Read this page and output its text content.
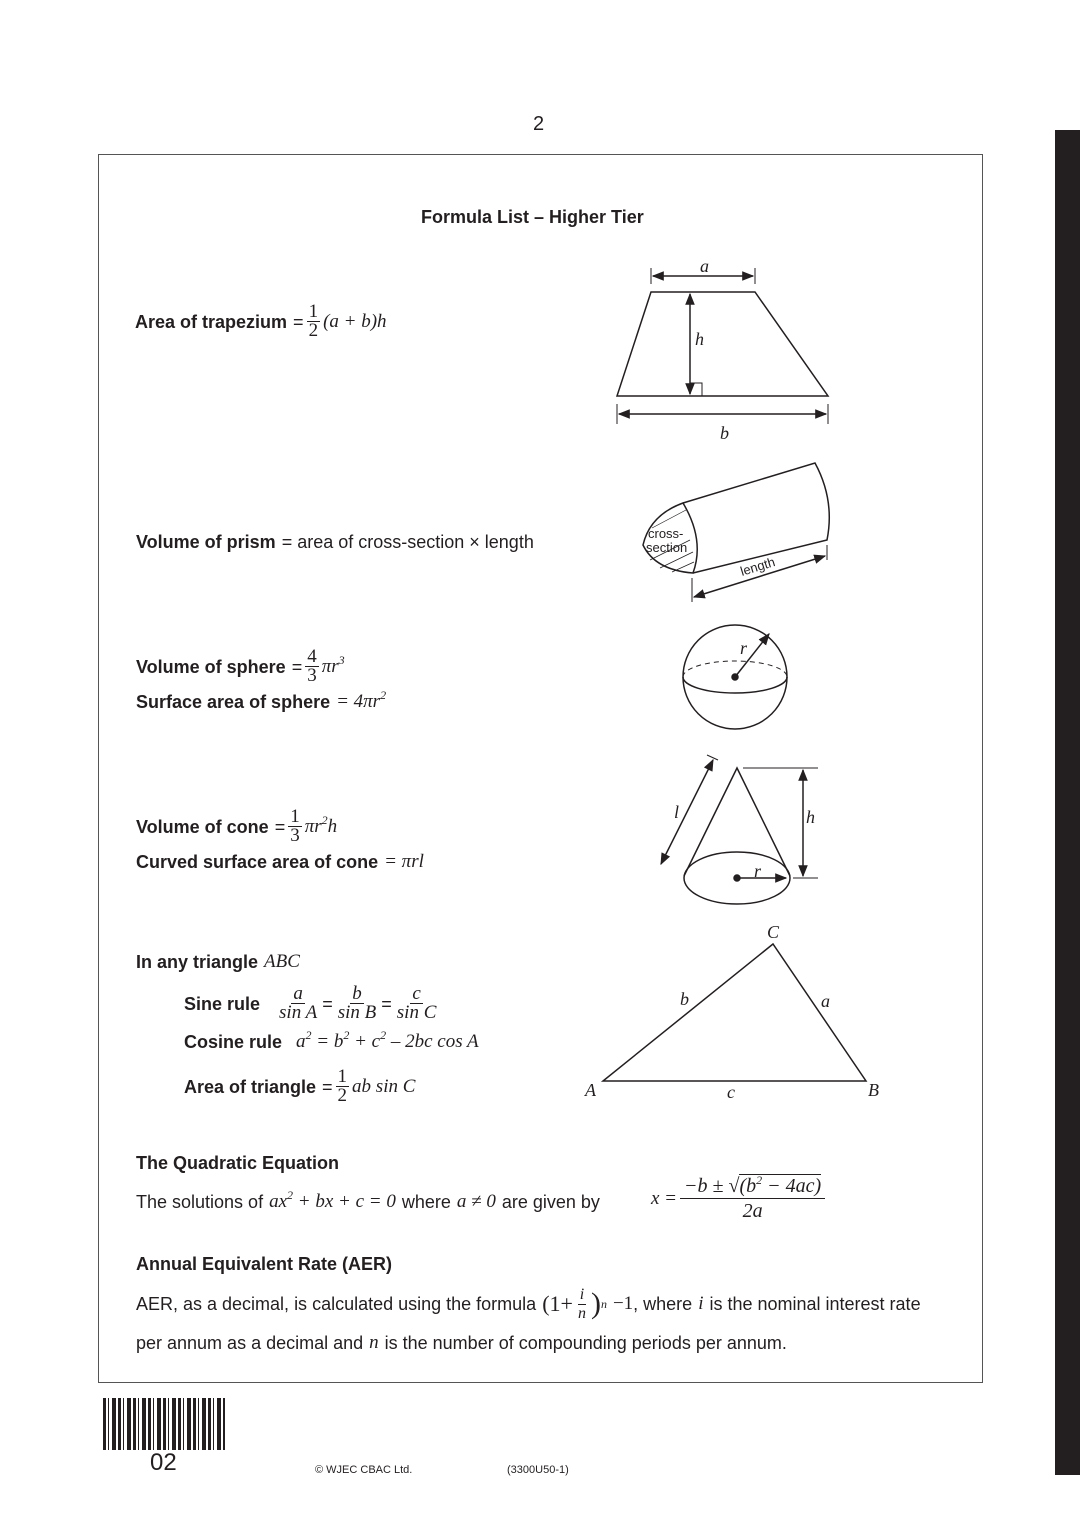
2
Formula List – Higher Tier
Area of trapezium = $\frac{1}{2} (a + b)h$
Volume of prism = area of cross-section × length
Volume of sphere = $\frac{4}{3} \pi r^3$
Surface area of sphere = $4\pi r^2$
Volume of cone = $\frac{1}{3} \pi r^2h$
Curved surface area of cone = πrl
In any triangle ABC
Sine rule $\frac{a}{\text{sin A}} = \frac{b}{\text{sin B}} = \frac{c}{\text{sin C}}$
Cosine rule $a^2 = b^2 + c^2 - 2bc$ cos A
Area of triangle = $\frac{1}{2}$ ab sin C
The Quadratic Equation
The solutions of $ax^2$ + bx + c = 0 where a ≠ 0 are given by	$x = \frac{-b \pm √(b^2 - 4ac)}{2a}$
Annual Equivalent Rate (AER)
AER, as a decimal, is calculated using the formula ($1+ \frac{i}{n}$ ) n −1 , where i is the nominal interest rate
per annum as a decimal and n is the number of compounding periods per annum.
a
h
b
cross-
section
length
r
l	h
r
A	B
C
b	a
c
02	© WJEC CBAC Ltd.	(3300U50-1)
